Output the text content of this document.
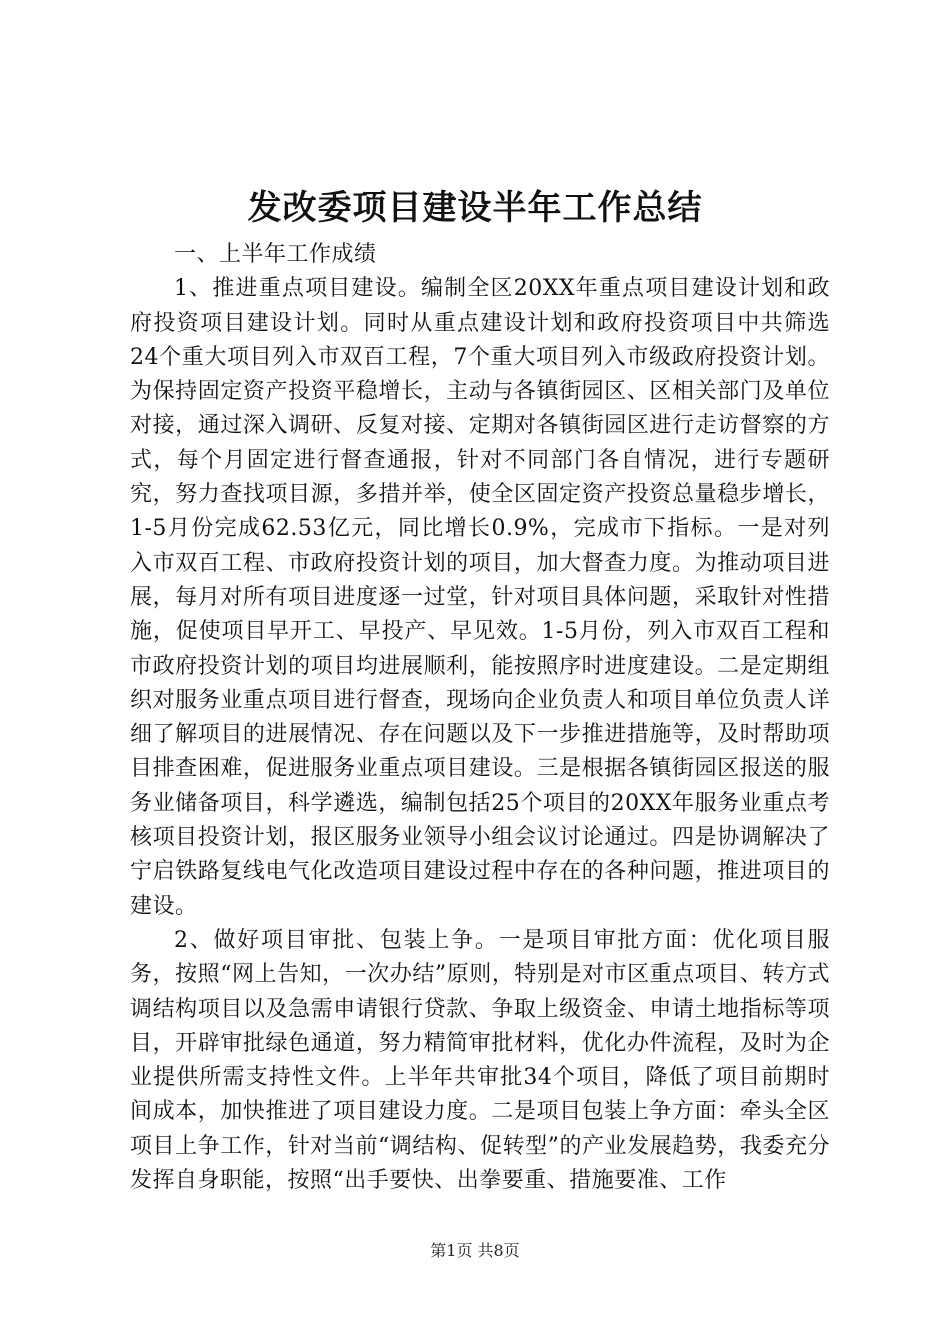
发改委项目建设半年工作总结

一、上半年工作成绩

1、推进重点项目建设。编制全区20XX年重点项目建设计划和政府投资项目建设计划。同时从重点建设计划和政府投资项目中共筛选24个重大项目列入市双百工程，7个重大项目列入市级政府投资计划。为保持固定资产投资平稳增长，主动与各镇街园区、区相关部门及单位对接，通过深入调研、反复对接、定期对各镇街园区进行走访督察的方式，每个月固定进行督查通报，针对不同部门各自情况，进行专题研究，努力查找项目源，多措并举，使全区固定资产投资总量稳步增长，1-5月份完成62.53亿元，同比增长0.9%，完成市下指标。一是对列入市双百工程、市政府投资计划的项目，加大督查力度。为推动项目进展，每月对所有项目进度逐一过堂，针对项目具体问题，采取针对性措施，促使项目早开工、早投产、早见效。1-5月份，列入市双百工程和市政府投资计划的项目均进展顺利，能按照序时进度建设。二是定期组织对服务业重点项目进行督查，现场向企业负责人和项目单位负责人详细了解项目的进展情况、存在问题以及下一步推进措施等，及时帮助项目排查困难，促进服务业重点项目建设。三是根据各镇街园区报送的服务业储备项目，科学遴选，编制包括25个项目的20XX年服务业重点考核项目投资计划，报区服务业领导小组会议讨论通过。四是协调解决了宁启铁路复线电气化改造项目建设过程中存在的各种问题，推进项目的建设。

2、做好项目审批、包装上争。一是项目审批方面：优化项目服务，按照“网上告知，一次办结”原则，特别是对市区重点项目、转方式调结构项目以及急需申请银行贷款、争取上级资金、申请土地指标等项目，开辟审批绿色通道，努力精简审批材料，优化办件流程，及时为企业提供所需支持性文件。上半年共审批34个项目，降低了项目前期时间成本，加快推进了项目建设力度。二是项目包装上争方面：牵头全区项目上争工作，针对当前“调结构、促转型”的产业发展趋势，我委充分发挥自身职能，按照“出手要快、出拳要重、措施要准、工作

第1页 共8页
